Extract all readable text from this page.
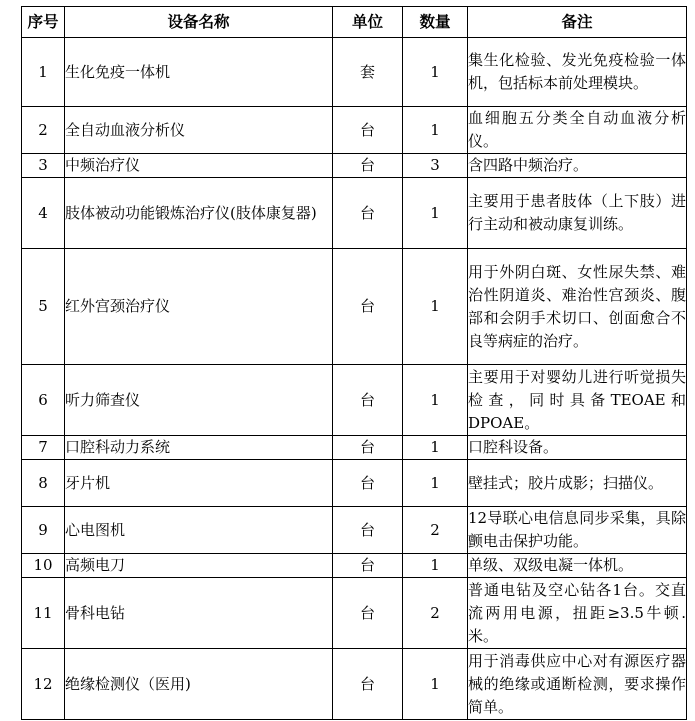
序号	设备名称	单位	数量	备注
1	生化免疫一体机	套	1	集生化检验、发光免疫检验一体机，包括标本前处理模块。
2	全自动血液分析仪	台	1	血细胞五分类全自动血液分析仪。
3	中频治疗仪	台	3	含四路中频治疗。
4	肢体被动功能锻炼治疗仪(肢体康复器)	台	1	主要用于患者肢体（上下肢）进行主动和被动康复训练。
5	红外宫颈治疗仪	台	1	用于外阴白斑、女性尿失禁、难治性阴道炎、难治性宫颈炎、腹部和会阴手术切口、创面愈合不良等病症的治疗。
6	听力筛查仪	台	1	主要用于对婴幼儿进行听觉损失检查，同时具备TEOAE和DPOAE。
7	口腔科动力系统	台	1	口腔科设备。
8	牙片机	台	1	壁挂式；胶片成影；扫描仪。
9	心电图机	台	2	12导联心电信息同步采集，具除颤电击保护功能。
10	高频电刀	台	1	单级、双级电凝一体机。
11	骨科电钻	台	2	普通电钻及空心钻各1台。交直流两用电源，扭距≥3.5牛顿.米。
12	绝缘检测仪（医用)	台	1	用于消毒供应中心对有源医疗器械的绝缘或通断检测，要求操作简单。
